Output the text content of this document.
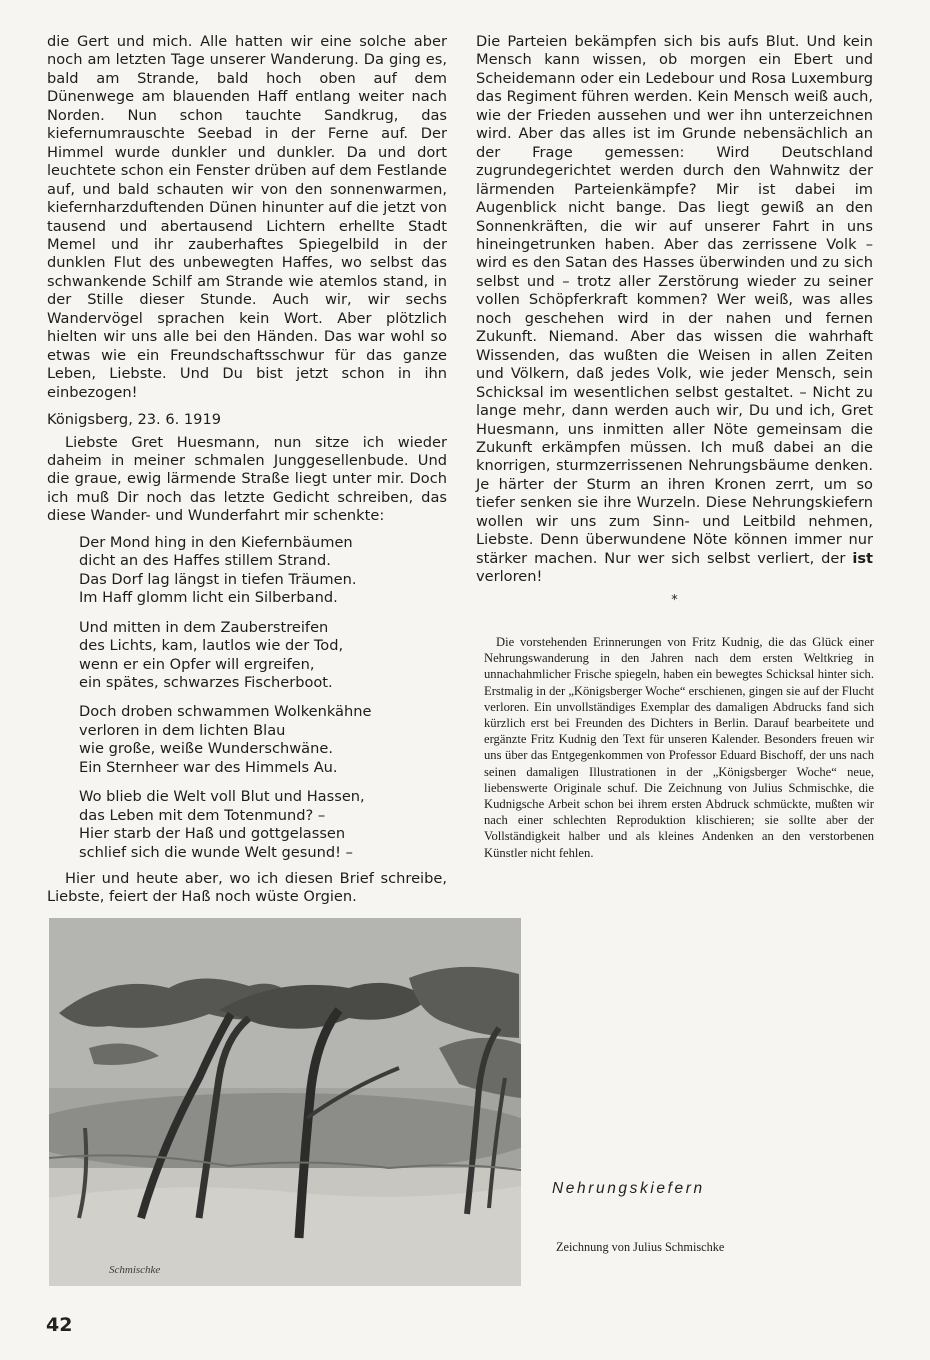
die Gert und mich. Alle hatten wir eine solche aber noch am letzten Tage unserer Wanderung. Da ging es, bald am Strande, bald hoch oben auf dem Dünenwege am blauenden Haff entlang weiter nach Norden. Nun schon tauchte Sandkrug, das kiefernumrauschte Seebad in der Ferne auf. Der Himmel wurde dunkler und dunkler. Da und dort leuchtete schon ein Fenster drüben auf dem Festlande auf, und bald schauten wir von den sonnenwarmen, kiefernharzduftenden Dünen hinunter auf die jetzt von tausend und abertausend Lichtern erhellte Stadt Memel und ihr zauberhaftes Spiegelbild in der dunklen Flut des unbewegten Haffes, wo selbst das schwankende Schilf am Strande wie atemlos stand, in der Stille dieser Stunde. Auch wir, wir sechs Wandervögel sprachen kein Wort. Aber plötzlich hielten wir uns alle bei den Händen. Das war wohl so etwas wie ein Freundschaftsschwur für das ganze Leben, Liebste. Und Du bist jetzt schon in ihn einbezogen!

Königsberg, 23. 6. 1919

Liebste Gret Huesmann, nun sitze ich wieder daheim in meiner schmalen Junggesellenbude. Und die graue, ewig lärmende Straße liegt unter mir. Doch ich muß Dir noch das letzte Gedicht schreiben, das diese Wander- und Wunderfahrt mir schenkte:

Der Mond hing in den Kiefernbäumen
dicht an des Haffes stillem Strand.
Das Dorf lag längst in tiefen Träumen.
Im Haff glomm licht ein Silberband.
Und mitten in dem Zauberstreifen
des Lichts, kam, lautlos wie der Tod,
wenn er ein Opfer will ergreifen,
ein spätes, schwarzes Fischerboot.
Doch droben schwammen Wolkenkähne
verloren in dem lichten Blau
wie große, weiße Wunderschwäne.
Ein Sternheer war des Himmels Au.
Wo blieb die Welt voll Blut und Hassen,
das Leben mit dem Totenmund? –
Hier starb der Haß und gottgelassen
schlief sich die wunde Welt gesund! –

Hier und heute aber, wo ich diesen Brief schreibe, Liebste, feiert der Haß noch wüste Orgien.

Die Parteien bekämpfen sich bis aufs Blut. Und kein Mensch kann wissen, ob morgen ein Ebert und Scheidemann oder ein Ledebour und Rosa Luxemburg das Regiment führen werden. Kein Mensch weiß auch, wie der Frieden aussehen und wer ihn unterzeichnen wird. Aber das alles ist im Grunde nebensächlich an der Frage gemessen: Wird Deutschland zugrundegerichtet werden durch den Wahnwitz der lärmenden Parteienkämpfe? Mir ist dabei im Augenblick nicht bange. Das liegt gewiß an den Sonnenkräften, die wir auf unserer Fahrt in uns hineingetrunken haben. Aber das zerrissene Volk – wird es den Satan des Hasses überwinden und zu sich selbst und – trotz aller Zerstörung wieder zu seiner vollen Schöpferkraft kommen? Wer weiß, was alles noch geschehen wird in der nahen und fernen Zukunft. Niemand. Aber das wissen die wahrhaft Wissenden, das wußten die Weisen in allen Zeiten und Völkern, daß jedes Volk, wie jeder Mensch, sein Schicksal im wesentlichen selbst gestaltet. – Nicht zu lange mehr, dann werden auch wir, Du und ich, Gret Huesmann, uns inmitten aller Nöte gemeinsam die Zukunft erkämpfen müssen. Ich muß dabei an die knorrigen, sturmzerrissenen Nehrungsbäume denken. Je härter der Sturm an ihren Kronen zerrt, um so tiefer senken sie ihre Wurzeln. Diese Nehrungskiefern wollen wir uns zum Sinn- und Leitbild nehmen, Liebste. Denn überwundene Nöte können immer nur stärker machen. Nur wer sich selbst verliert, der ist verloren!

*

Die vorstehenden Erinnerungen von Fritz Kudnig, die das Glück einer Nehrungswanderung in den Jahren nach dem ersten Weltkrieg in unnachahmlicher Frische spiegeln, haben ein bewegtes Schicksal hinter sich. Erstmalig in der „Königsberger Woche“ erschienen, gingen sie auf der Flucht verloren. Ein unvollständiges Exemplar des damaligen Abdrucks fand sich kürzlich erst bei Freunden des Dichters in Berlin. Darauf bearbeitete und ergänzte Fritz Kudnig den Text für unseren Kalender. Besonders freuen wir uns über das Entgegenkommen von Professor Eduard Bischoff, der uns nach seinen damaligen Illustrationen in der „Königsberger Woche“ neue, liebenswerte Originale schuf. Die Zeichnung von Julius Schmischke, die Kudnigsche Arbeit schon bei ihrem ersten Abdruck schmückte, mußten wir nach einer schlechten Reproduktion klischieren; sie sollte aber der Vollständigkeit halber und als kleines Andenken an den verstorbenen Künstler nicht fehlen.
Schmischke
Nehrungskiefern
Zeichnung von Julius Schmischke
42
